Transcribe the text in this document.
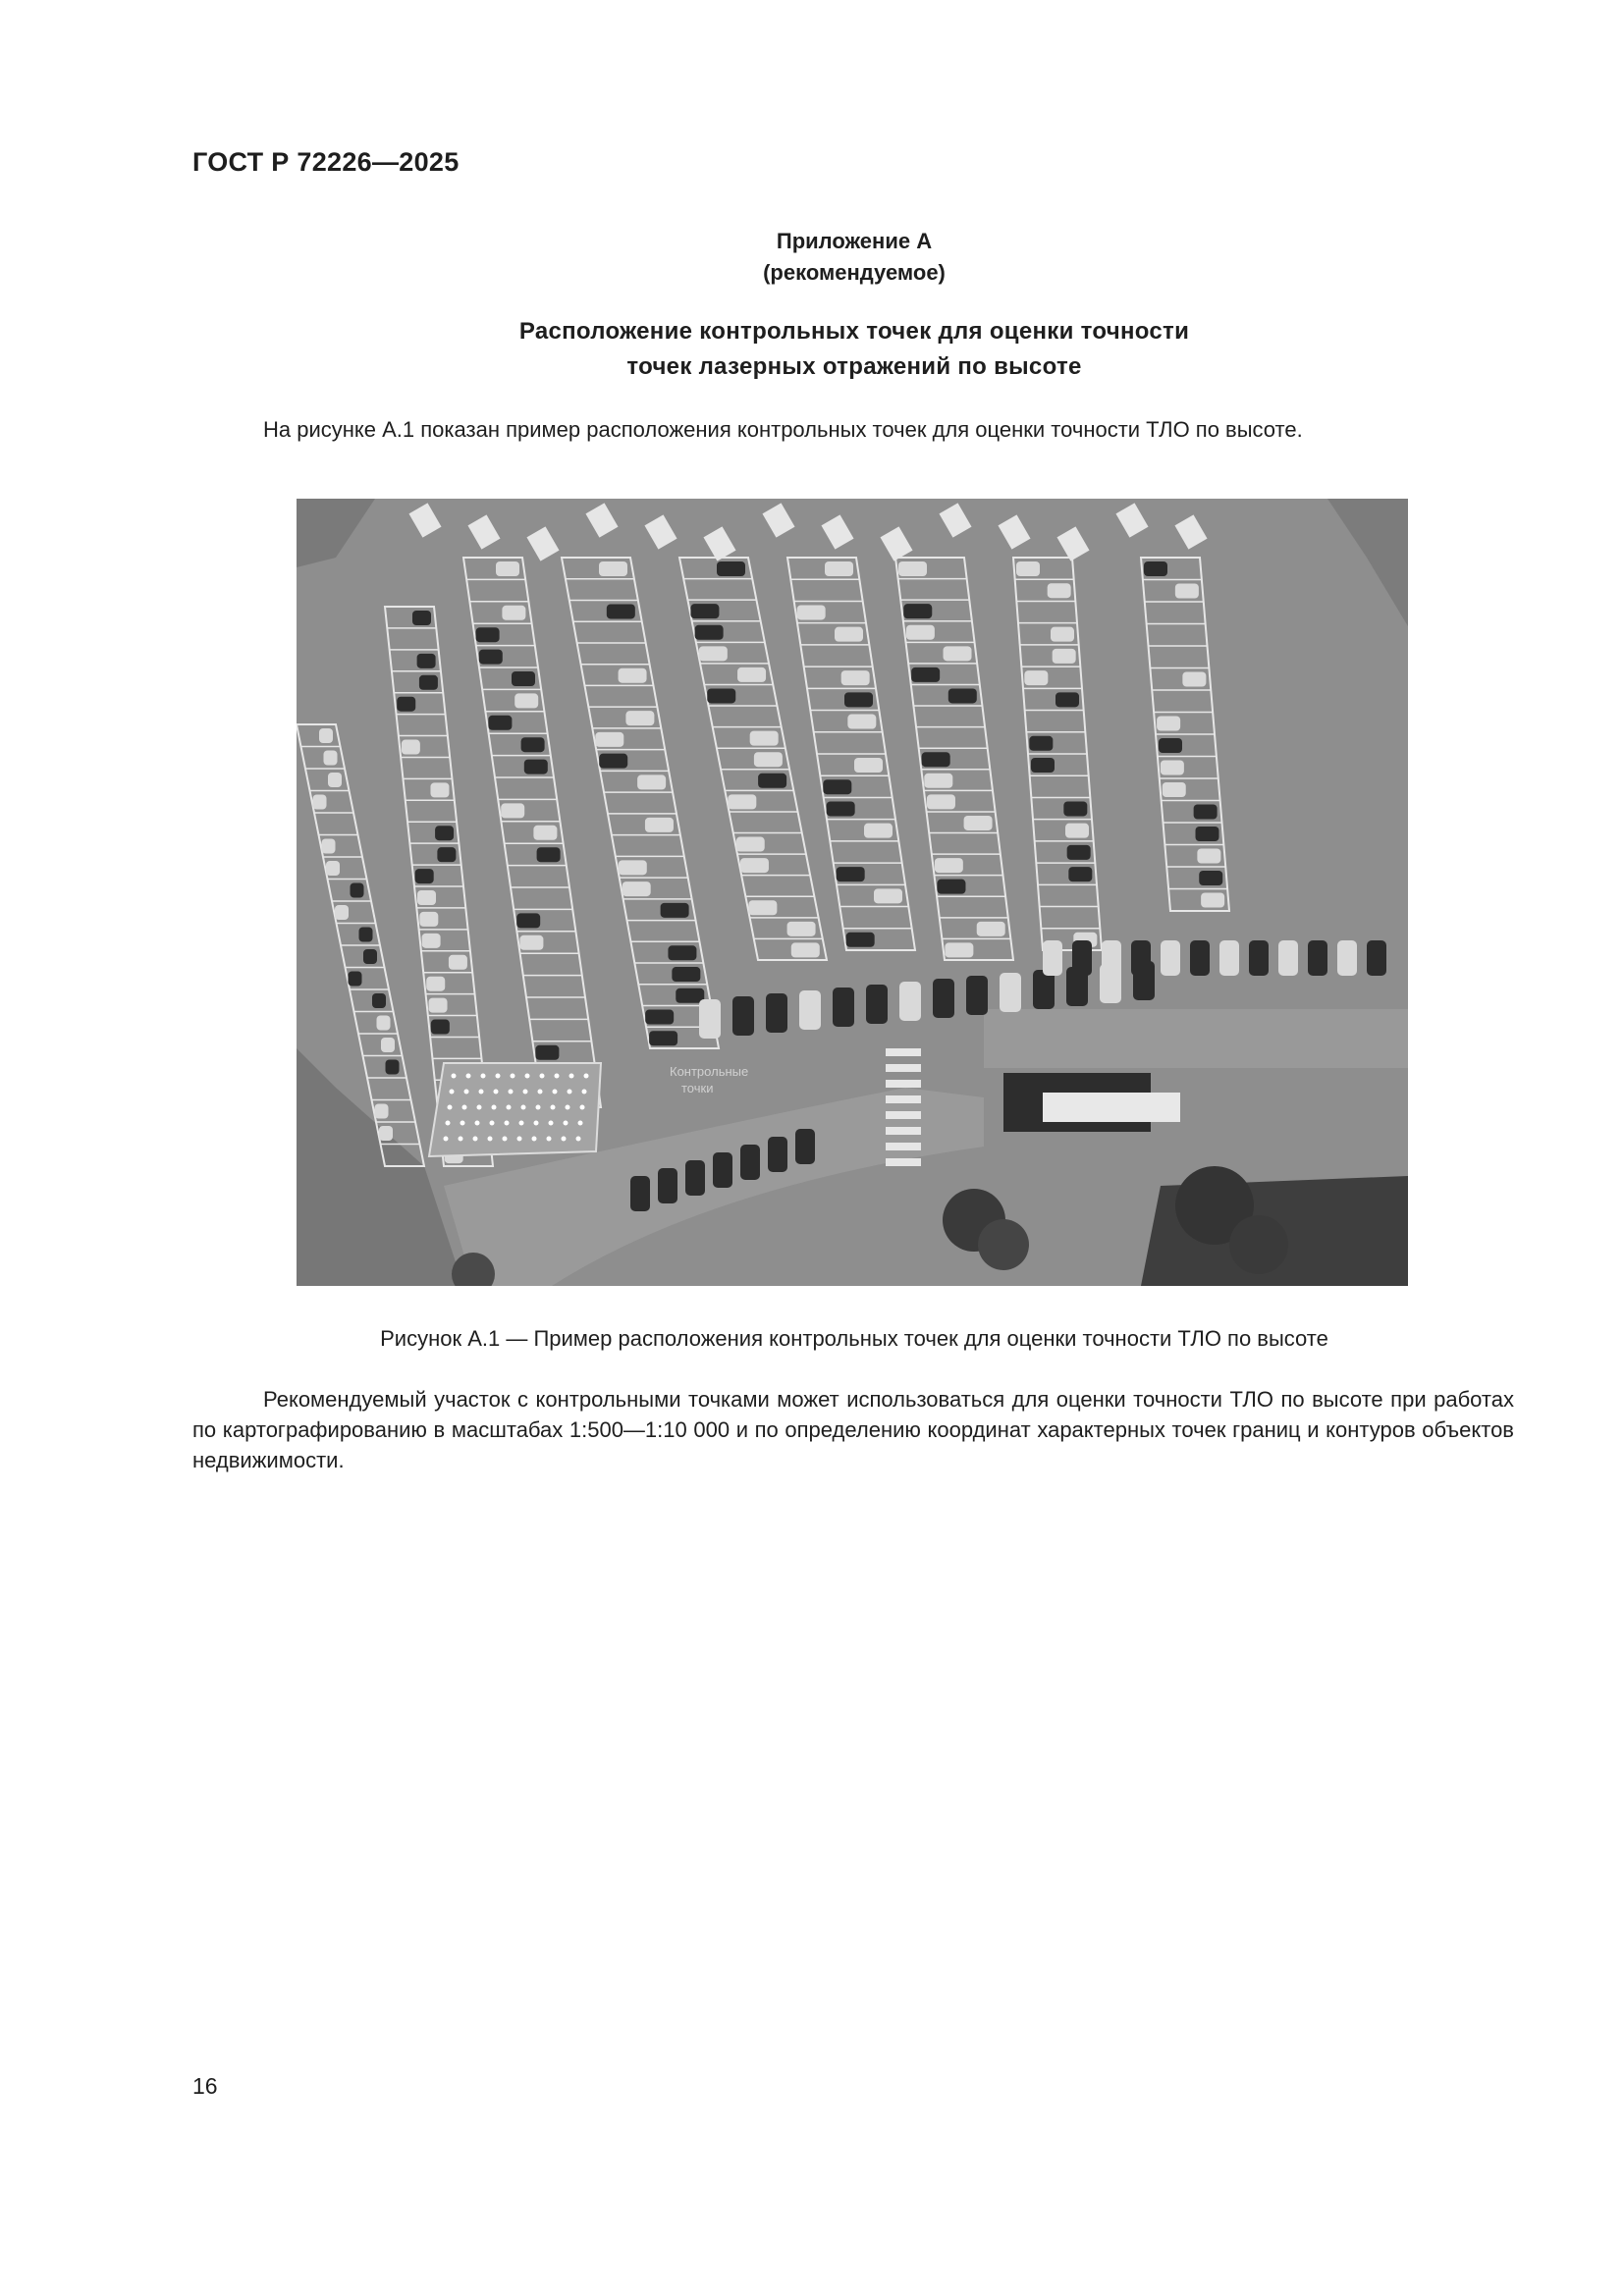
ГОСТ Р 72226—2025
Приложение А
(рекомендуемое)
Расположение контрольных точек для оценки точности
точек лазерных отражений по высоте
На рисунке А.1 показан пример расположения контрольных точек для оценки точности ТЛО по высоте.
Контрольные
точки
Рисунок А.1 — Пример расположения контрольных точек для оценки точности ТЛО по высоте
Рекомендуемый участок с контрольными точками может использоваться для оценки точности ТЛО по высоте при работах по картографированию в масштабах 1:500—1:10 000 и по определению координат характерных точек границ и контуров объектов недвижимости.
16
